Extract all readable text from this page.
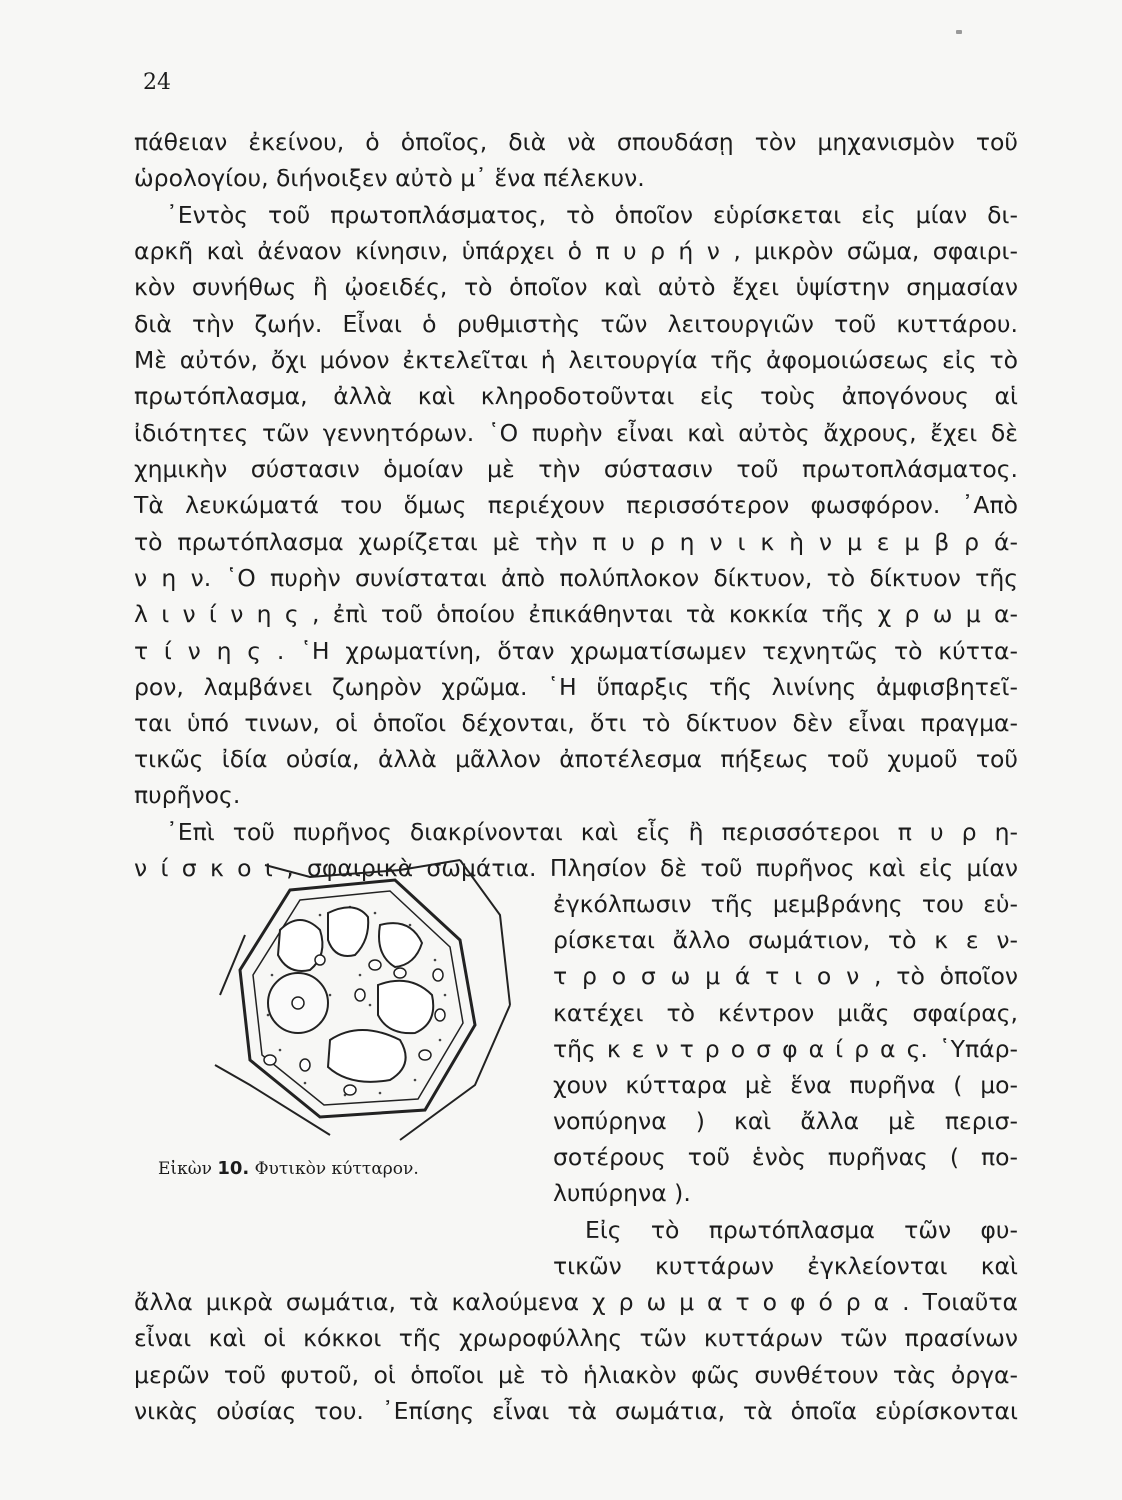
24
πάθειαν ἐκείνου, ὁ ὁποῖος, διὰ νὰ σπουδάσῃ τὸν μηχανισμὸν τοῦ
ὡρολογίου, διήνοιξεν αὐτὸ μ᾽ ἕνα πέλεκυν.
᾽Εντὸς τοῦ πρωτοπλάσματος, τὸ ὁποῖον εὑρίσκεται εἰς μίαν δι-
αρκῆ καὶ ἀέναον κίνησιν, ὑπάρχει ὁ π υ ρ ή ν , μικρὸν σῶμα, σφαιρι-
κὸν συνήθως ἢ ᾠοειδές, τὸ ὁποῖον καὶ αὐτὸ ἔχει ὑψίστην σημασίαν
διὰ τὴν ζωήν. Εἶναι ὁ ρυθμιστὴς τῶν λειτουργιῶν τοῦ κυττάρου.
Μὲ αὐτόν, ὄχι μόνον ἐκτελεῖται ἡ λειτουργία τῆς ἀφομοιώσεως εἰς τὸ
πρωτόπλασμα, ἀλλὰ καὶ κληροδοτοῦνται εἰς τοὺς ἀπογόνους αἱ
ἰδιότητες τῶν γεννητόρων. ῾Ο πυρὴν εἶναι καὶ αὐτὸς ἄχρους, ἔχει δὲ
χημικὴν σύστασιν ὁμοίαν μὲ τὴν σύστασιν τοῦ πρωτοπλάσματος.
Τὰ λευκώματά του ὅμως περιέχουν περισσότερον φωσφόρον. ᾽Απὸ
τὸ πρωτόπλασμα χωρίζεται μὲ τὴν π υ ρ η ν ι κ ὴ ν μ ε μ β ρ ά-
ν η ν. ῾Ο πυρὴν συνίσταται ἀπὸ πολύπλοκον δίκτυον, τὸ δίκτυον τῆς
λ ι ν ί ν η ς , ἐπὶ τοῦ ὁποίου ἐπικάθηνται τὰ κοκκία τῆς χ ρ ω μ α-
τ ί ν η ς . ῾Η χρωματίνη, ὅταν χρωματίσωμεν τεχνητῶς τὸ κύττα-
ρον, λαμβάνει ζωηρὸν χρῶμα. ῾Η ὕπαρξις τῆς λινίνης ἀμφισβητεῖ-
ται ὑπό τινων, οἱ ὁποῖοι δέχονται, ὅτι τὸ δίκτυον δὲν εἶναι πραγμα-
τικῶς ἰδία οὐσία, ἀλλὰ μᾶλλον ἀποτέλεσμα πήξεως τοῦ χυμοῦ τοῦ
πυρῆνος.
᾽Επὶ τοῦ πυρῆνος διακρίνονται καὶ εἷς ἢ περισσότεροι π υ ρ η-
ν ί σ κ ο ι , σφαιρικὰ σωμάτια. Πλησίον δὲ τοῦ πυρῆνος καὶ εἰς μίαν
ἐγκόλπωσιν τῆς μεμβράνης του εὑ-
ρίσκεται ἄλλο σωμάτιον, τὸ κ ε ν-
τ ρ ο σ ω μ ά τ ι ο ν , τὸ ὁποῖον
κατέχει τὸ κέντρον μιᾶς σφαίρας,
τῆς κ ε ν τ ρ ο σ φ α ί ρ α ς. ῾Υπάρ-
χουν κύτταρα μὲ ἕνα πυρῆνα ( μο-
νοπύρηνα ) καὶ ἄλλα μὲ περισ-
σοτέρους τοῦ ἑνὸς πυρῆνας ( πο-
λυπύρηνα ).
Εἰς τὸ πρωτόπλασμα τῶν φυ-
τικῶν κυττάρων ἐγκλείονται καὶ
ἄλλα μικρὰ σωμάτια, τὰ καλούμενα χ ρ ω μ α τ ο φ ό ρ α . Τοιαῦτα
εἶναι καὶ οἱ κόκκοι τῆς χρωροφύλλης τῶν κυττάρων τῶν πρασίνων
μερῶν τοῦ φυτοῦ, οἱ ὁποῖοι μὲ τὸ ἡλιακὸν φῶς συνθέτουν τὰς ὀργα-
νικὰς οὐσίας του. ᾽Επίσης εἶναι τὰ σωμάτια, τὰ ὁποῖα εὑρίσκονται
Εἰκὼν 10. Φυτικὸν κύτταρον.
